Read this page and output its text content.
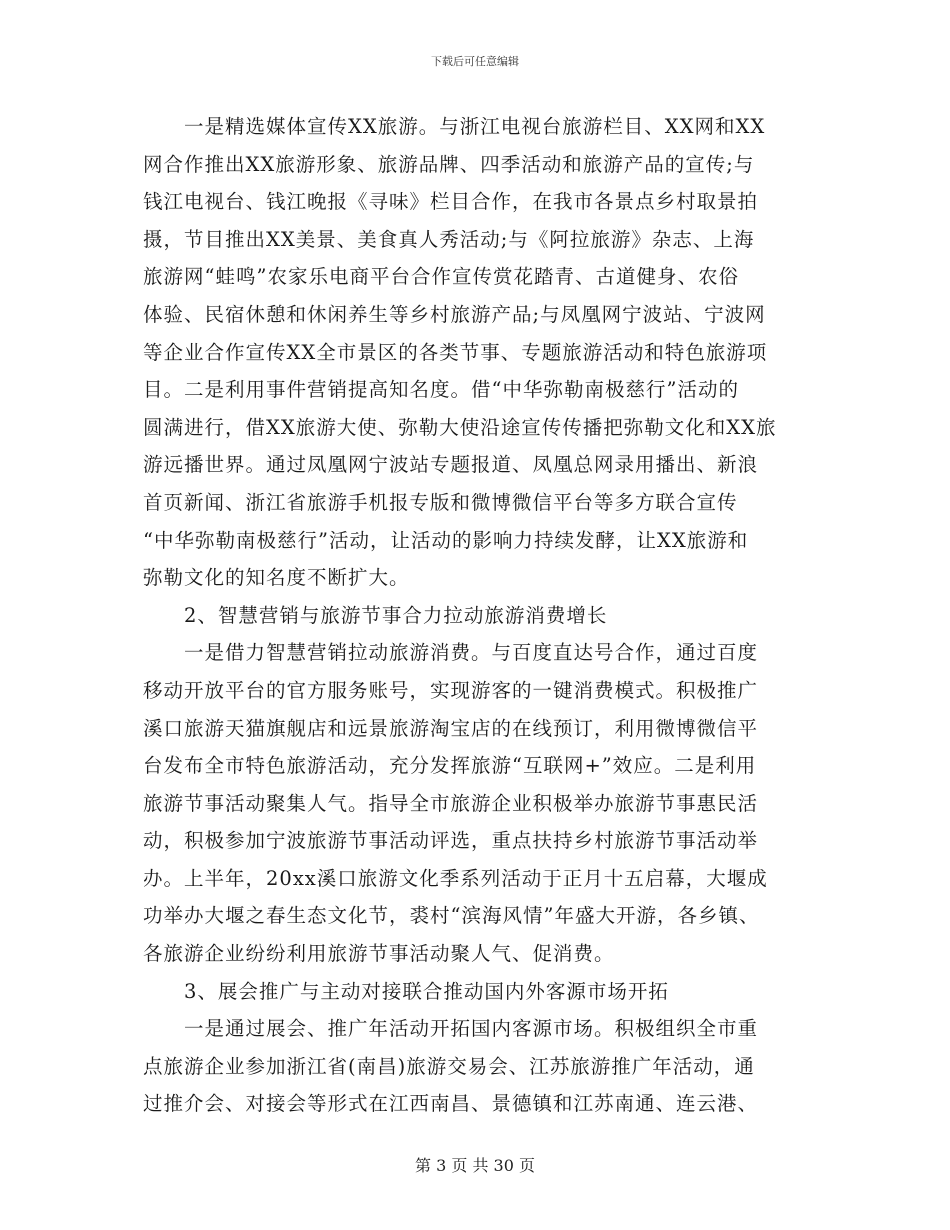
下载后可任意编辑
　　一是精选媒体宣传XX旅游。与浙江电视台旅游栏目、XX网和XX
网合作推出XX旅游形象、旅游品牌、四季活动和旅游产品的宣传;与
钱江电视台、钱江晚报《寻味》栏目合作，在我市各景点乡村取景拍
摄，节目推出XX美景、美食真人秀活动;与《阿拉旅游》杂志、上海
旅游网“蛙鸣”农家乐电商平台合作宣传赏花踏青、古道健身、农俗
体验、民宿休憩和休闲养生等乡村旅游产品;与凤凰网宁波站、宁波网
等企业合作宣传XX全市景区的各类节事、专题旅游活动和特色旅游项
目。二是利用事件营销提高知名度。借“中华弥勒南极慈行”活动的
圆满进行，借XX旅游大使、弥勒大使沿途宣传传播把弥勒文化和XX旅
游远播世界。通过凤凰网宁波站专题报道、凤凰总网录用播出、新浪
首页新闻、浙江省旅游手机报专版和微博微信平台等多方联合宣传
“中华弥勒南极慈行”活动，让活动的影响力持续发酵，让XX旅游和
弥勒文化的知名度不断扩大。
　　2、智慧营销与旅游节事合力拉动旅游消费增长
　　一是借力智慧营销拉动旅游消费。与百度直达号合作，通过百度
移动开放平台的官方服务账号，实现游客的一键消费模式。积极推广
溪口旅游天猫旗舰店和远景旅游淘宝店的在线预订，利用微博微信平
台发布全市特色旅游活动，充分发挥旅游“互联网+”效应。二是利用
旅游节事活动聚集人气。指导全市旅游企业积极举办旅游节事惠民活
动，积极参加宁波旅游节事活动评选，重点扶持乡村旅游节事活动举
办。上半年，20xx溪口旅游文化季系列活动于正月十五启幕，大堰成
功举办大堰之春生态文化节，裘村“滨海风情”年盛大开游，各乡镇、
各旅游企业纷纷利用旅游节事活动聚人气、促消费。
　　3、展会推广与主动对接联合推动国内外客源市场开拓
　　一是通过展会、推广年活动开拓国内客源市场。积极组织全市重
点旅游企业参加浙江省(南昌)旅游交易会、江苏旅游推广年活动，通
过推介会、对接会等形式在江西南昌、景德镇和江苏南通、连云港、
第 3 页 共 30 页
